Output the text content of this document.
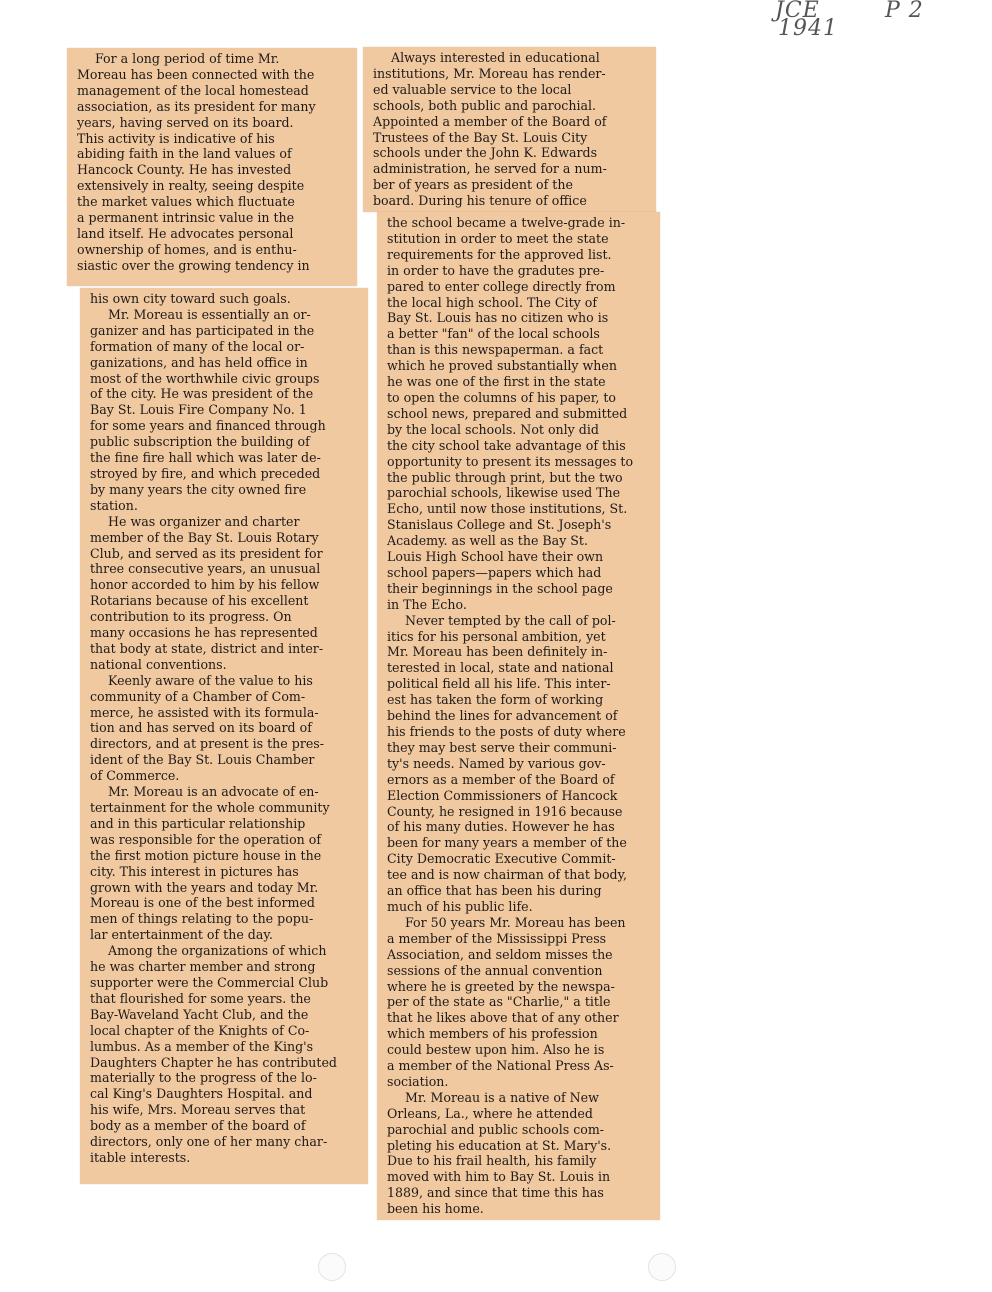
JCE	P 2
1941

For a long period of time Mr.
Moreau has been connected with the
management of the local homestead
association, as its president for many
years, having served on its board.
This activity is indicative of his
abiding faith in the land values of
Hancock County. He has invested
extensively in realty, seeing despite
the market values which fluctuate
a permanent intrinsic value in the
land itself. He advocates personal
ownership of homes, and is enthu-
siastic over the growing tendency in

his own city toward such goals.

Mr. Moreau is essentially an or-
ganizer and has participated in the
formation of many of the local or-
ganizations, and has held office in
most of the worthwhile civic groups
of the city. He was president of the
Bay St. Louis Fire Company No. 1
for some years and financed through
public subscription the building of
the fine fire hall which was later de-
stroyed by fire, and which preceded
by many years the city owned fire
station.

He was organizer and charter
member of the Bay St. Louis Rotary
Club, and served as its president for
three consecutive years, an unusual
honor accorded to him by his fellow
Rotarians because of his excellent
contribution to its progress. On
many occasions he has represented
that body at state, district and inter-
national conventions.

Keenly aware of the value to his
community of a Chamber of Com-
merce, he assisted with its formula-
tion and has served on its board of
directors, and at present is the pres-
ident of the Bay St. Louis Chamber
of Commerce.

Mr. Moreau is an advocate of en-
tertainment for the whole community
and in this particular relationship
was responsible for the operation of
the first motion picture house in the
city. This interest in pictures has
grown with the years and today Mr.
Moreau is one of the best informed
men of things relating to the popu-
lar entertainment of the day.

Among the organizations of which
he was charter member and strong
supporter were the Commercial Club
that flourished for some years. the
Bay-Waveland Yacht Club, and the
local chapter of the Knights of Co-
lumbus. As a member of the King's
Daughters Chapter he has contributed
materially to the progress of the lo-
cal King's Daughters Hospital. and
his wife, Mrs. Moreau serves that
body as a member of the board of
directors, only one of her many char-
itable interests.

Always interested in educational
institutions, Mr. Moreau has render-
ed valuable service to the local
schools, both public and parochial.
Appointed a member of the Board of
Trustees of the Bay St. Louis City
schools under the John K. Edwards
administration, he served for a num-
ber of years as president of the
board. During his tenure of office

the school became a twelve-grade in-
stitution in order to meet the state
requirements for the approved list.
in order to have the gradutes pre-
pared to enter college directly from
the local high school. The City of
Bay St. Louis has no citizen who is
a better "fan" of the local schools
than is this newspaperman. a fact
which he proved substantially when
he was one of the first in the state
to open the columns of his paper, to
school news, prepared and submitted
by the local schools. Not only did
the city school take advantage of this
opportunity to present its messages to
the public through print, but the two
parochial schools, likewise used The
Echo, until now those institutions, St.
Stanislaus College and St. Joseph's
Academy. as well as the Bay St.
Louis High School have their own
school papers—papers which had
their beginnings in the school page
in The Echo.

Never tempted by the call of pol-
itics for his personal ambition, yet
Mr. Moreau has been definitely in-
terested in local, state and national
political field all his life. This inter-
est has taken the form of working
behind the lines for advancement of
his friends to the posts of duty where
they may best serve their communi-
ty's needs. Named by various gov-
ernors as a member of the Board of
Election Commissioners of Hancock
County, he resigned in 1916 because
of his many duties. However he has
been for many years a member of the
City Democratic Executive Commit-
tee and is now chairman of that body,
an office that has been his during
much of his public life.

For 50 years Mr. Moreau has been
a member of the Mississippi Press
Association, and seldom misses the
sessions of the annual convention
where he is greeted by the newspa-
per of the state as "Charlie," a title
that he likes above that of any other
which members of his profession
could bestew upon him. Also he is
a member of the National Press As-
sociation.

Mr. Moreau is a native of New
Orleans, La., where he attended
parochial and public schools com-
pleting his education at St. Mary's.
Due to his frail health, his family
moved with him to Bay St. Louis in
1889, and since that time this has
been his home.
